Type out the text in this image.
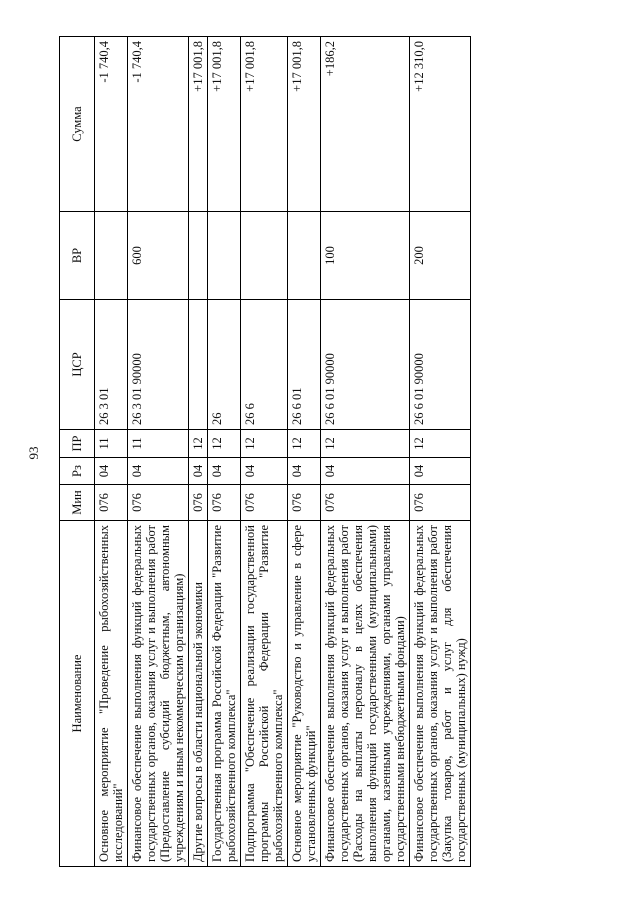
93
Наименование	Мин	Рз	ПР	ЦСР	ВР	Сумма
Основное мероприятие "Проведение рыбохозяйственных исследований"	076	04	11	26 3 01		-1 740,4
Финансовое обеспечение выполнения функций федеральных государственных органов, оказания услуг и выполнения работ (Предоставление субсидий бюджетным, автономным учреждениям и иным некоммерческим организациям)	076	04	11	26 3 01 90000	600	-1 740,4
Другие вопросы в области национальной экономики	076	04	12			+17 001,8
Государственная программа Российской Федерации "Развитие рыбохозяйственного комплекса"	076	04	12	26		+17 001,8
Подпрограмма "Обеспечение реализации государственной программы Российской Федерации "Развитие рыбохозяйственного комплекса"	076	04	12	26 6		+17 001,8
Основное мероприятие "Руководство и управление в сфере установленных функций"	076	04	12	26 6 01		+17 001,8
Финансовое обеспечение выполнения функций федеральных государственных органов, оказания услуг и выполнения работ (Расходы на выплаты персоналу в целях обеспечения выполнения функций государственными (муниципальными) органами, казенными учреждениями, органами управления государственными внебюджетными фондами)	076	04	12	26 6 01 90000	100	+186,2
Финансовое обеспечение выполнения функций федеральных государственных органов, оказания услуг и выполнения работ (Закупка товаров, работ и услуг для обеспечения государственных (муниципальных) нужд)	076	04	12	26 6 01 90000	200	+12 310,0
